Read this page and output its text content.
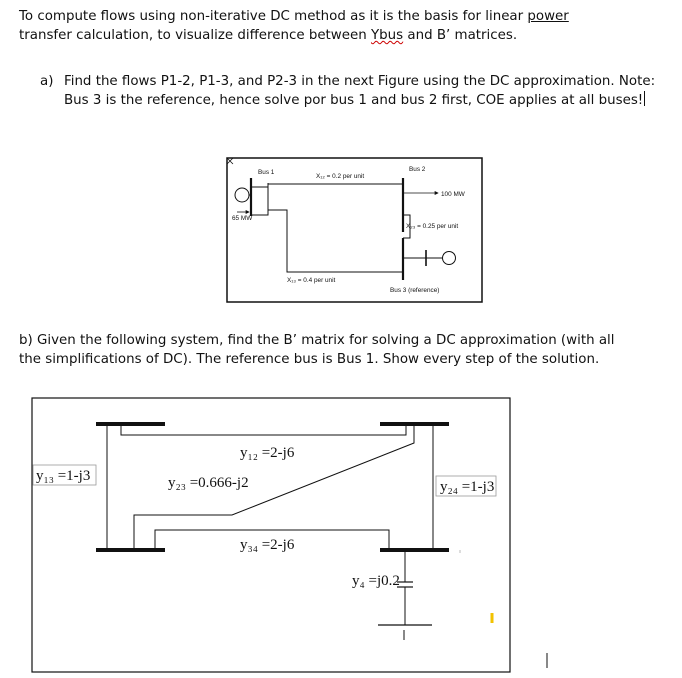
To compute flows using non-iterative DC method as it is the basis for linear power
transfer calculation, to visualize difference between Ybus and B’ matrices.

a) Find the flows P1-2, P1-3, and P2-3 in the next Figure using the DC approximation. Note:
Bus 3 is the reference, hence solve por bus 1 and bus 2 first, COE applies at all buses!

b) Given the following system, find the B’ matrix for solving a DC approximation (with all
the simplifications of DC). The reference bus is Bus 1. Show every step of the solution.

Bus 1
65 MW
Bus 2
100 MW
X₁₂ = 0.2 per unit
X₁₃ = 0.4 per unit
X₂₃ = 0.25 per unit
Bus 3 (reference)
y₁₂ =2-j6
y₁₃ =1-j3	y₂₃ =0.666-j2	y₂₄ =1-j3
y₃₄ =2-j6
y₄ =j0.2
